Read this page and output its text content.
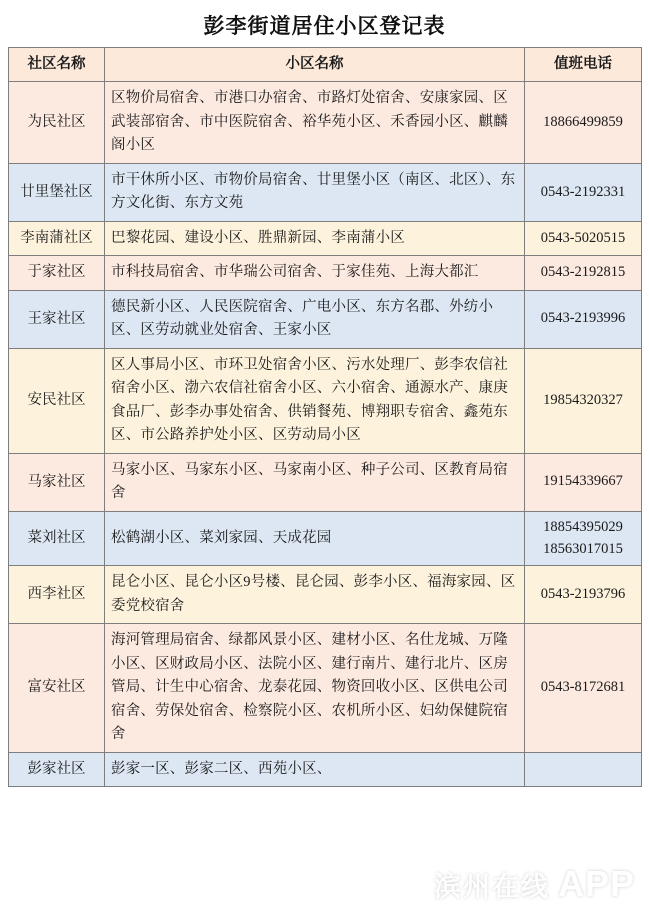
彭李街道居住小区登记表
社区名称	小区名称	值班电话
为民社区	区物价局宿舍、市港口办宿舍、市路灯处宿舍、安康家园、区武装部宿舍、市中医院宿舍、裕华苑小区、禾香园小区、麒麟阁小区	18866499859

廿里堡社区	市干休所小区、市物价局宿舍、廿里堡小区（南区、北区）、东方文化街、东方文苑	0543-2192331

李南蒲社区	巴黎花园、建设小区、胜鼎新园、李南蒲小区	0543-5020515

于家社区	市科技局宿舍、市华瑞公司宿舍、于家佳苑、上海大都汇	0543-2192815

王家社区	德民新小区、人民医院宿舍、广电小区、东方名郡、外纺小区、区劳动就业处宿舍、王家小区	0543-2193996

安民社区	区人事局小区、市环卫处宿舍小区、污水处理厂、彭李农信社宿舍小区、渤六农信社宿舍小区、六小宿舍、通源水产、康庚食品厂、彭李办事处宿舍、供销餐苑、博翔职专宿舍、鑫苑东区、市公路养护处小区、区劳动局小区	19854320327

马家社区	马家小区、马家东小区、马家南小区、种子公司、区教育局宿舍	19154339667

菜刘社区	松鹤湖小区、菜刘家园、天成花园	18854395029
18563017015

西李社区	昆仑小区、昆仑小区9号楼、昆仑园、彭李小区、福海家园、区委党校宿舍	0543-2193796

富安社区	海河管理局宿舍、绿都风景小区、建材小区、名仕龙城、万隆小区、区财政局小区、法院小区、建行南片、建行北片、区房管局、计生中心宿舍、龙泰花园、物资回收小区、区供电公司宿舍、劳保处宿舍、检察院小区、农机所小区、妇幼保健院宿舍	0543-8172681

彭家社区	彭家一区、彭家二区、西苑小区、	
滨州在线 APP
